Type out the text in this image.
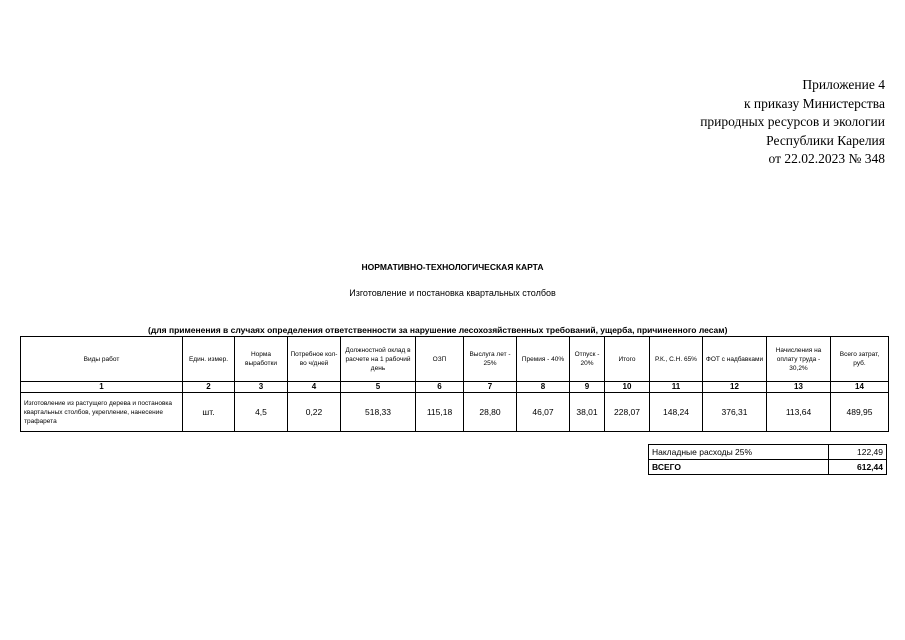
Приложение 4
к приказу Министерства
природных ресурсов и экологии
Республики Карелия
от 22.02.2023 № 348
НОРМАТИВНО-ТЕХНОЛОГИЧЕСКАЯ КАРТА
Изготовление и постановка квартальных столбов
(для применения в случаях определения ответственности за нарушение лесохозяйственных требований, ущерба, причиненного лесам)
Виды работ	Един. измер.	Норма выработки	Потребное кол-во ч/дней	Должностной оклад в расчете на 1 рабочий день	ОЗП	Выслуга лет - 25%	Премия - 40%	Отпуск - 20%	Итого	Р.К., С.Н. 65%	ФОТ с надбавками	Начисления на оплату труда - 30,2%	Всего затрат, руб.
1	2	3	4	5	6	7	8	9	10	11	12	13	14
Изготовление из растущего дерева и постановка квартальных столбов, укрепление, нанесение трафарета	шт.	4,5	0,22	518,33	115,18	28,80	46,07	38,01	228,07	148,24	376,31	113,64	489,95
Накладные расходы 25%	122,49
ВСЕГО	612,44
